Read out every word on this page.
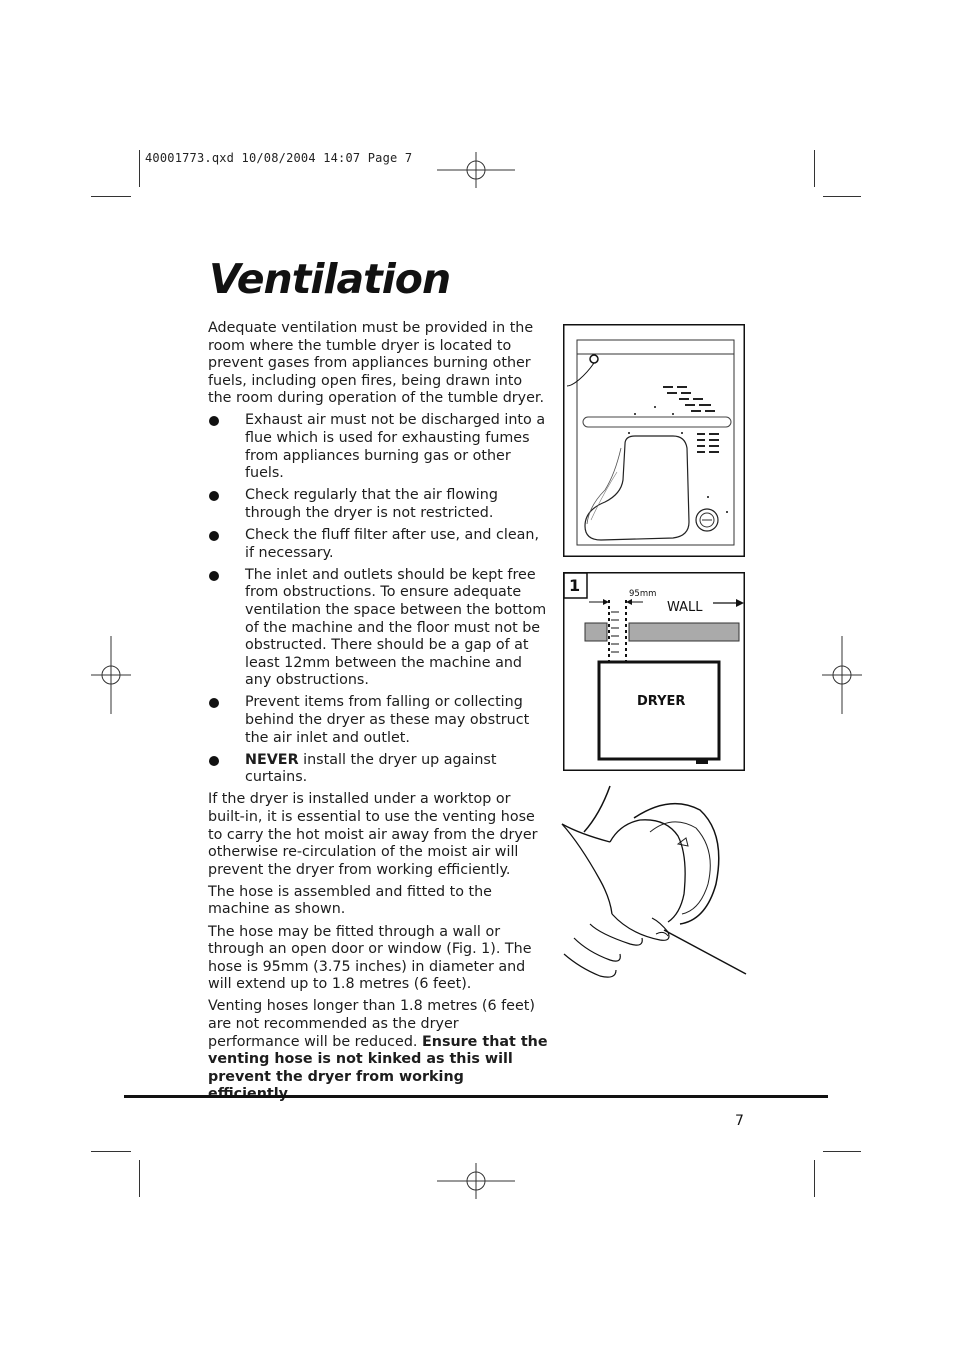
40001773.qxd 10/08/2004 14:07 Page 7
Ventilation

Adequate ventilation must be provided in the room where the tumble dryer is located to prevent gases from appliances burning other fuels, including open fires, being drawn into the room during operation of the tumble dryer.

Exhaust air must not be discharged into a flue which is used for exhausting fumes from appliances burning gas or other fuels.
Check regularly that the air flowing through the dryer is not restricted.
Check the fluff filter after use, and clean, if necessary.
The inlet and outlets should be kept free from obstructions. To ensure adequate ventilation the space between the bottom of the machine and the floor must not be obstructed. There should be a gap of at least 12mm between the machine and any obstructions.
Prevent items from falling or collecting behind the dryer as these may obstruct the air inlet and outlet.
NEVER install the dryer up against curtains.

If the dryer is installed under a worktop or built-in, it is essential to use the venting hose to carry the hot moist air away from the dryer otherwise re-circulation of the moist air will prevent the dryer from working efficiently.

The hose is assembled and fitted to the machine as shown.

The hose may be fitted through a wall or through an open door or window (Fig. 1). The hose is 95mm (3.75 inches) in diameter and will extend up to 1.8 metres (6 feet).

Venting hoses longer than 1.8 metres (6 feet) are not recommended as the dryer performance will be reduced. Ensure that the venting hose is not kinked as this will prevent the dryer from working

1	95mm
WALL
DRYER
7
